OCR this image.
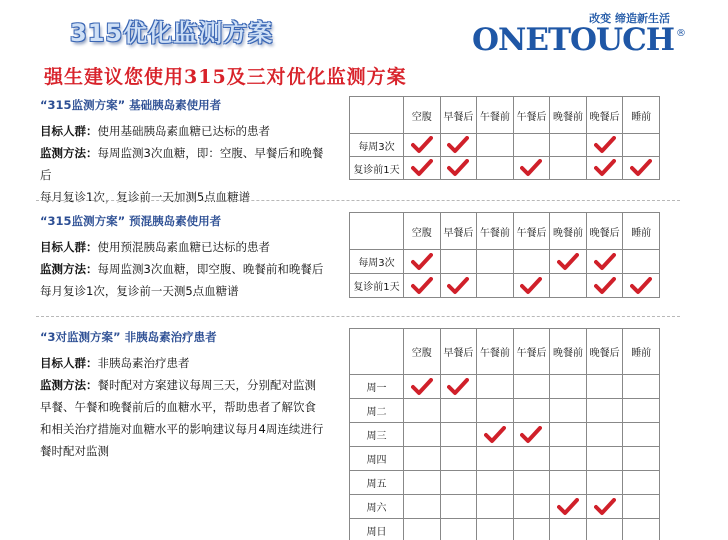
315优化监测方案	改变 缔造新生活
ONETOUCH ®
强生建议您使用315及三对优化监测方案
“315监测方案” 基础胰岛素使用者

目标人群：使用基础胰岛素血糖已达标的患者

监测方法：每周监测3次血糖，即：空腹、早餐后和晚餐后

每月复诊1次，复诊前一天加测5点血糖谱

	空腹	早餐后	午餐前	午餐后	晚餐前	晚餐后	睡前
每周3次							
复诊前1天							
“315监测方案” 预混胰岛素使用者

目标人群：使用预混胰岛素血糖已达标的患者

监测方法：每周监测3次血糖，即空腹、晚餐前和晚餐后

每月复诊1次，复诊前一天测5点血糖谱

	空腹	早餐后	午餐前	午餐后	晚餐前	晚餐后	睡前
每周3次							
复诊前1天							
“3对监测方案” 非胰岛素治疗患者

目标人群：非胰岛素治疗患者

监测方法：餐时配对方案建议每周三天，分别配对监测早餐、午餐和晚餐前后的血糖水平，帮助患者了解饮食和相关治疗措施对血糖水平的影响建议每月4周连续进行餐时配对监测

	空腹	早餐后	午餐前	午餐后	晚餐前	晚餐后	睡前
周一							
周二							
周三							
周四							
周五							
周六							
周日							
